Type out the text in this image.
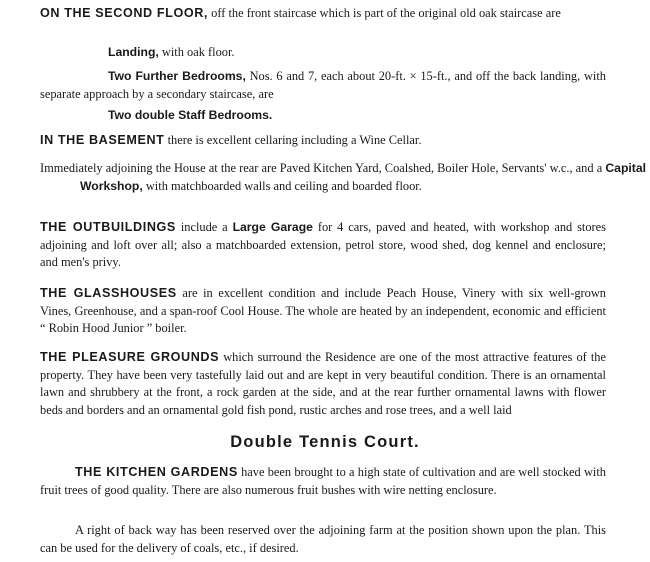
ON THE SECOND FLOOR, off the front staircase which is part of the original old oak staircase are

Landing, with oak floor.

Two Further Bedrooms, Nos. 6 and 7, each about 20-ft. × 15-ft., and off the back landing, with separate approach by a secondary staircase, are

Two double Staff Bedrooms.

IN THE BASEMENT there is excellent cellaring including a Wine Cellar.

Immediately adjoining the House at the rear are Paved Kitchen Yard, Coalshed, Boiler Hole, Servants' w.c., and a Capital Workshop, with matchboarded walls and ceiling and boarded floor.

THE OUTBUILDINGS include a Large Garage for 4 cars, paved and heated, with workshop and stores adjoining and loft over all; also a matchboarded extension, petrol store, wood shed, dog kennel and enclosure; and men's privy.

THE GLASSHOUSES are in excellent condition and include Peach House, Vinery with six well-grown Vines, Greenhouse, and a span-roof Cool House. The whole are heated by an independent, economic and efficient “ Robin Hood Junior ” boiler.

THE PLEASURE GROUNDS which surround the Residence are one of the most attractive features of the property. They have been very tastefully laid out and are kept in very beautiful condition. There is an ornamental lawn and shrubbery at the front, a rock garden at the side, and at the rear further ornamental lawns with flower beds and borders and an ornamental gold fish pond, rustic arches and rose trees, and a well laid

Double Tennis Court.

THE KITCHEN GARDENS have been brought to a high state of cultivation and are well stocked with fruit trees of good quality. There are also numerous fruit bushes with wire netting enclosure.

A right of back way has been reserved over the adjoining farm at the position shown upon the plan. This can be used for the delivery of coals, etc., if desired.
